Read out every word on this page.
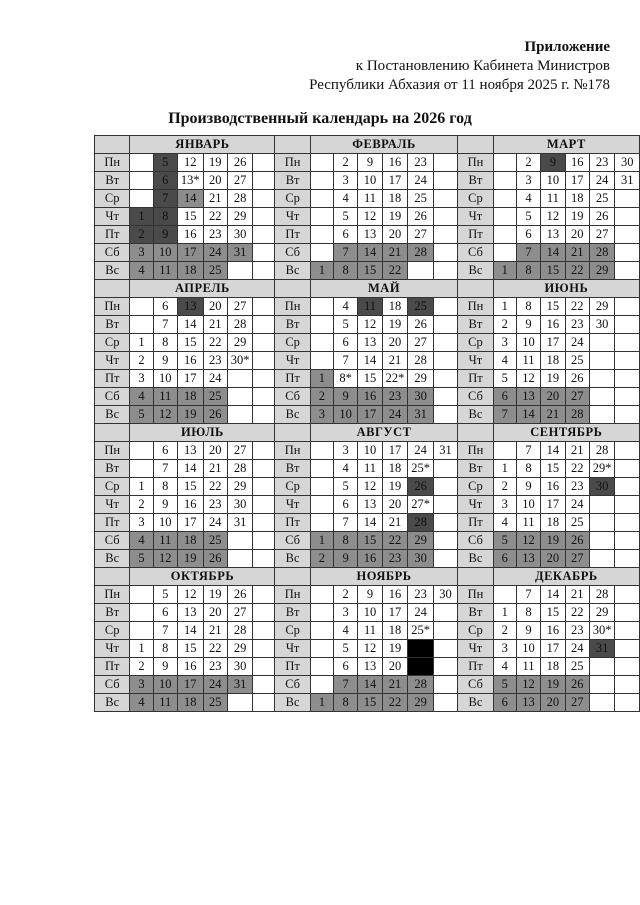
Приложение
к Постановлению Кабинета Министров
Республики Абхазия от 11 ноября 2025 г. №178
Производственный календарь на 2026 год
	ЯНВАРЬ							ФЕВРАЛЬ							МАРТ					
Пн		5	12	19	26		Пн		2	9	16	23		Пн		2	9	16	23	30
Вт		6	13*	20	27		Вт		3	10	17	24		Вт		3	10	17	24	31
Ср		7	14	21	28		Ср		4	11	18	25		Ср		4	11	18	25	
Чт	1	8	15	22	29		Чт		5	12	19	26		Чт		5	12	19	26	
Пт	2	9	16	23	30		Пт		6	13	20	27		Пт		6	13	20	27	
Сб	3	10	17	24	31		Сб		7	14	21	28		Сб		7	14	21	28	
Вс	4	11	18	25			Вс	1	8	15	22			Вс	1	8	15	22	29	
	АПРЕЛЬ							МАЙ							ИЮНЬ					
Пн		6	13	20	27		Пн		4	11	18	25		Пн	1	8	15	22	29	
Вт		7	14	21	28		Вт		5	12	19	26		Вт	2	9	16	23	30	
Ср	1	8	15	22	29		Ср		6	13	20	27		Ср	3	10	17	24		
Чт	2	9	16	23	30*		Чт		7	14	21	28		Чт	4	11	18	25		
Пт	3	10	17	24			Пт	1	8*	15	22*	29		Пт	5	12	19	26		
Сб	4	11	18	25			Сб	2	9	16	23	30		Сб	6	13	20	27		
Вс	5	12	19	26			Вс	3	10	17	24	31		Вс	7	14	21	28		
	ИЮЛЬ							АВГУСТ							СЕНТЯБРЬ					
Пн		6	13	20	27		Пн		3	10	17	24	31	Пн		7	14	21	28	
Вт		7	14	21	28		Вт		4	11	18	25*		Вт	1	8	15	22	29*	
Ср	1	8	15	22	29		Ср		5	12	19	26		Ср	2	9	16	23	30	
Чт	2	9	16	23	30		Чт		6	13	20	27*		Чт	3	10	17	24		
Пт	3	10	17	24	31		Пт		7	14	21	28		Пт	4	11	18	25		
Сб	4	11	18	25			Сб	1	8	15	22	29		Сб	5	12	19	26		
Вс	5	12	19	26			Вс	2	9	16	23	30		Вс	6	13	20	27		
	ОКТЯБРЬ							НОЯБРЬ							ДЕКАБРЬ					
Пн		5	12	19	26		Пн		2	9	16	23	30	Пн		7	14	21	28	
Вт		6	13	20	27		Вт		3	10	17	24		Вт	1	8	15	22	29	
Ср		7	14	21	28		Ср		4	11	18	25*		Ср	2	9	16	23	30*	
Чт	1	8	15	22	29		Чт		5	12	19			Чт	3	10	17	24	31	
Пт	2	9	16	23	30		Пт		6	13	20			Пт	4	11	18	25		
Сб	3	10	17	24	31		Сб		7	14	21	28		Сб	5	12	19	26		
Вс	4	11	18	25			Вс	1	8	15	22	29		Вс	6	13	20	27		
